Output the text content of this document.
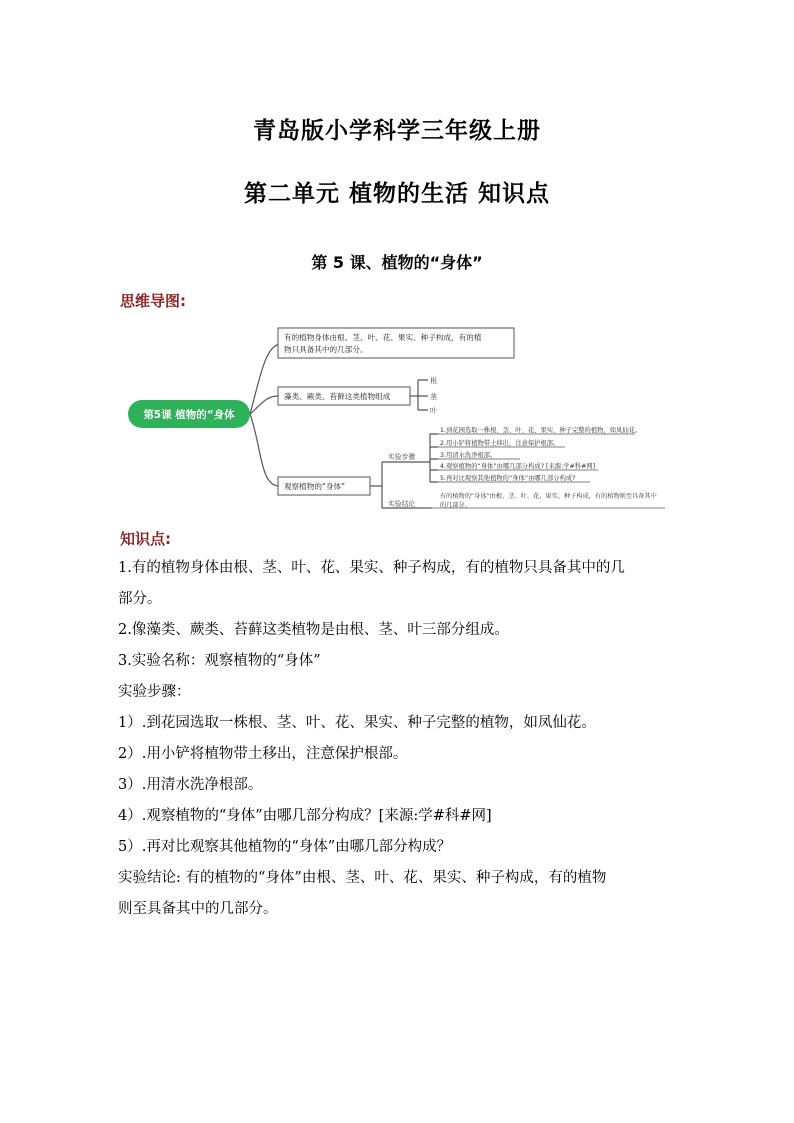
青岛版小学科学三年级上册
第二单元 植物的生活 知识点
第 5 课、植物的“身体”
思维导图:
第5课 植物的“身体
有的植物身体由根、茎、叶、花、果实、种子构成，有的植
物只具备其中的几部分。
藻类、蕨类、苔藓这类植物组成
根
茎
叶
观察植物的“身体”
实验步骤
1.到花园选取一株根、茎、叶、花、果实、种子完整的植物，如凤仙花。
2.用小铲将植物带土移出，注意保护根部。
3.用清水洗净根部。
4.观察植物的“身体”由哪几部分构成? [来源:学#科#网]
5.再对比观察其他植物的“身体”由哪几部分构成?
实验结论
有的植物的“身体”由根、茎、叶、花、果实、种子构成，有的植物则至具备其中
的几部分。
知识点:
1.有的植物身体由根、茎、叶、花、果实、种子构成，有的植物只具备其中的几
部分。
2.像藻类、蕨类、苔藓这类植物是由根、茎、叶三部分组成。
3.实验名称：观察植物的“身体”
实验步骤：
1）.到花园选取一株根、茎、叶、花、果实、种子完整的植物，如凤仙花。
2）.用小铲将植物带土移出，注意保护根部。
3）.用清水洗净根部。
4）.观察植物的“身体”由哪几部分构成？[来源:学#科#网]
5）.再对比观察其他植物的“身体”由哪几部分构成？
实验结论: 有的植物的“身体”由根、茎、叶、花、果实、种子构成，有的植物
则至具备其中的几部分。
